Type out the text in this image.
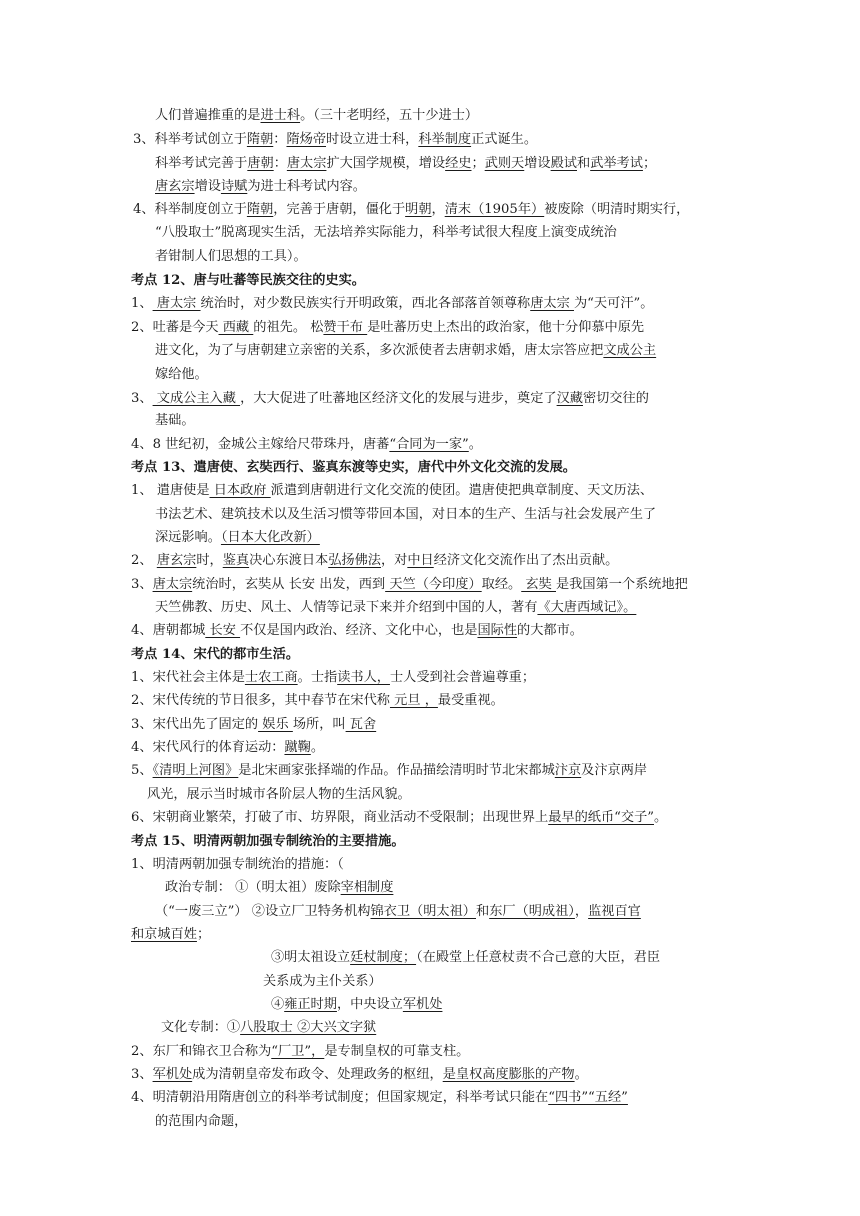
人们普遍推重的是进士科。（三十老明经，五十少进士）
3、科举考试创立于隋朝：隋炀帝时设立进士科，科举制度正式诞生。
科举考试完善于唐朝：唐太宗扩大国学规模，增设经史；武则天增设殿试和武举考试；
唐玄宗增设诗赋为进士科考试内容。
4、科举制度创立于隋朝，完善于唐朝，僵化于明朝，清末（1905年）被废除（明清时期实行，
“八股取士”脱离现实生活，无法培养实际能力，科举考试很大程度上演变成统治
者钳制人们思想的工具）。
考点 12、唐与吐蕃等民族交往的史实。
1、 唐太宗 统治时，对少数民族实行开明政策，西北各部落首领尊称唐太宗 为“天可汗”。
2、吐蕃是今天 西藏 的祖先。 松赞干布 是吐蕃历史上杰出的政治家，他十分仰慕中原先
进文化，为了与唐朝建立亲密的关系，多次派使者去唐朝求婚，唐太宗答应把文成公主
嫁给他。
3、 文成公主入藏 ，大大促进了吐蕃地区经济文化的发展与进步，奠定了汉藏密切交往的
基础。
4、8 世纪初，金城公主嫁给尺带珠丹，唐蕃“合同为一家”。
考点 13、遣唐使、玄奘西行、鉴真东渡等史实，唐代中外文化交流的发展。
1、 遣唐使是 日本政府 派遣到唐朝进行文化交流的使团。遣唐使把典章制度、天文历法、
书法艺术、建筑技术以及生活习惯等带回本国，对日本的生产、生活与社会发展产生了
深远影响。（日本大化改新）
2、 唐玄宗时，鉴真决心东渡日本弘扬佛法，对中日经济文化交流作出了杰出贡献。
3、唐太宗统治时，玄奘从 长安 出发，西到 天竺（今印度）取经。 玄奘 是我国第一个系统地把
天竺佛教、历史、风土、人情等记录下来并介绍到中国的人，著有《大唐西域记》。
4、唐朝都城 长安 不仅是国内政治、经济、文化中心，也是国际性的大都市。
考点 14、宋代的都市生活。
1、宋代社会主体是士农工商。士指读书人，士人受到社会普遍尊重；
2、宋代传统的节日很多，其中春节在宋代称 元旦 ，最受重视。
3、宋代出先了固定的 娱乐 场所，叫 瓦舍
4、宋代风行的体育运动：蹴鞠。
5、《清明上河图》是北宋画家张择端的作品。作品描绘清明时节北宋都城汴京及汴京两岸
风光，展示当时城市各阶层人物的生活风貌。
6、宋朝商业繁荣，打破了市、坊界限，商业活动不受限制；出现世界上最早的纸币“交子”。
考点 15、明清两朝加强专制统治的主要措施。
1、明清两朝加强专制统治的措施：（
政治专制： ①（明太祖）废除宰相制度
（“一废三立”） ②设立厂卫特务机构锦衣卫（明太祖）和东厂（明成祖），监视百官
和京城百姓；
③明太祖设立廷杖制度；（在殿堂上任意杖责不合己意的大臣，君臣
关系成为主仆关系）
④雍正时期，中央设立军机处
文化专制：①八股取士 ②大兴文字狱
2、东厂和锦衣卫合称为“厂卫”，是专制皇权的可靠支柱。
3、军机处成为清朝皇帝发布政令、处理政务的枢纽，是皇权高度膨胀的产物。
4、明清朝沿用隋唐创立的科举考试制度；但国家规定，科举考试只能在“四书”“五经”
的范围内命题，
